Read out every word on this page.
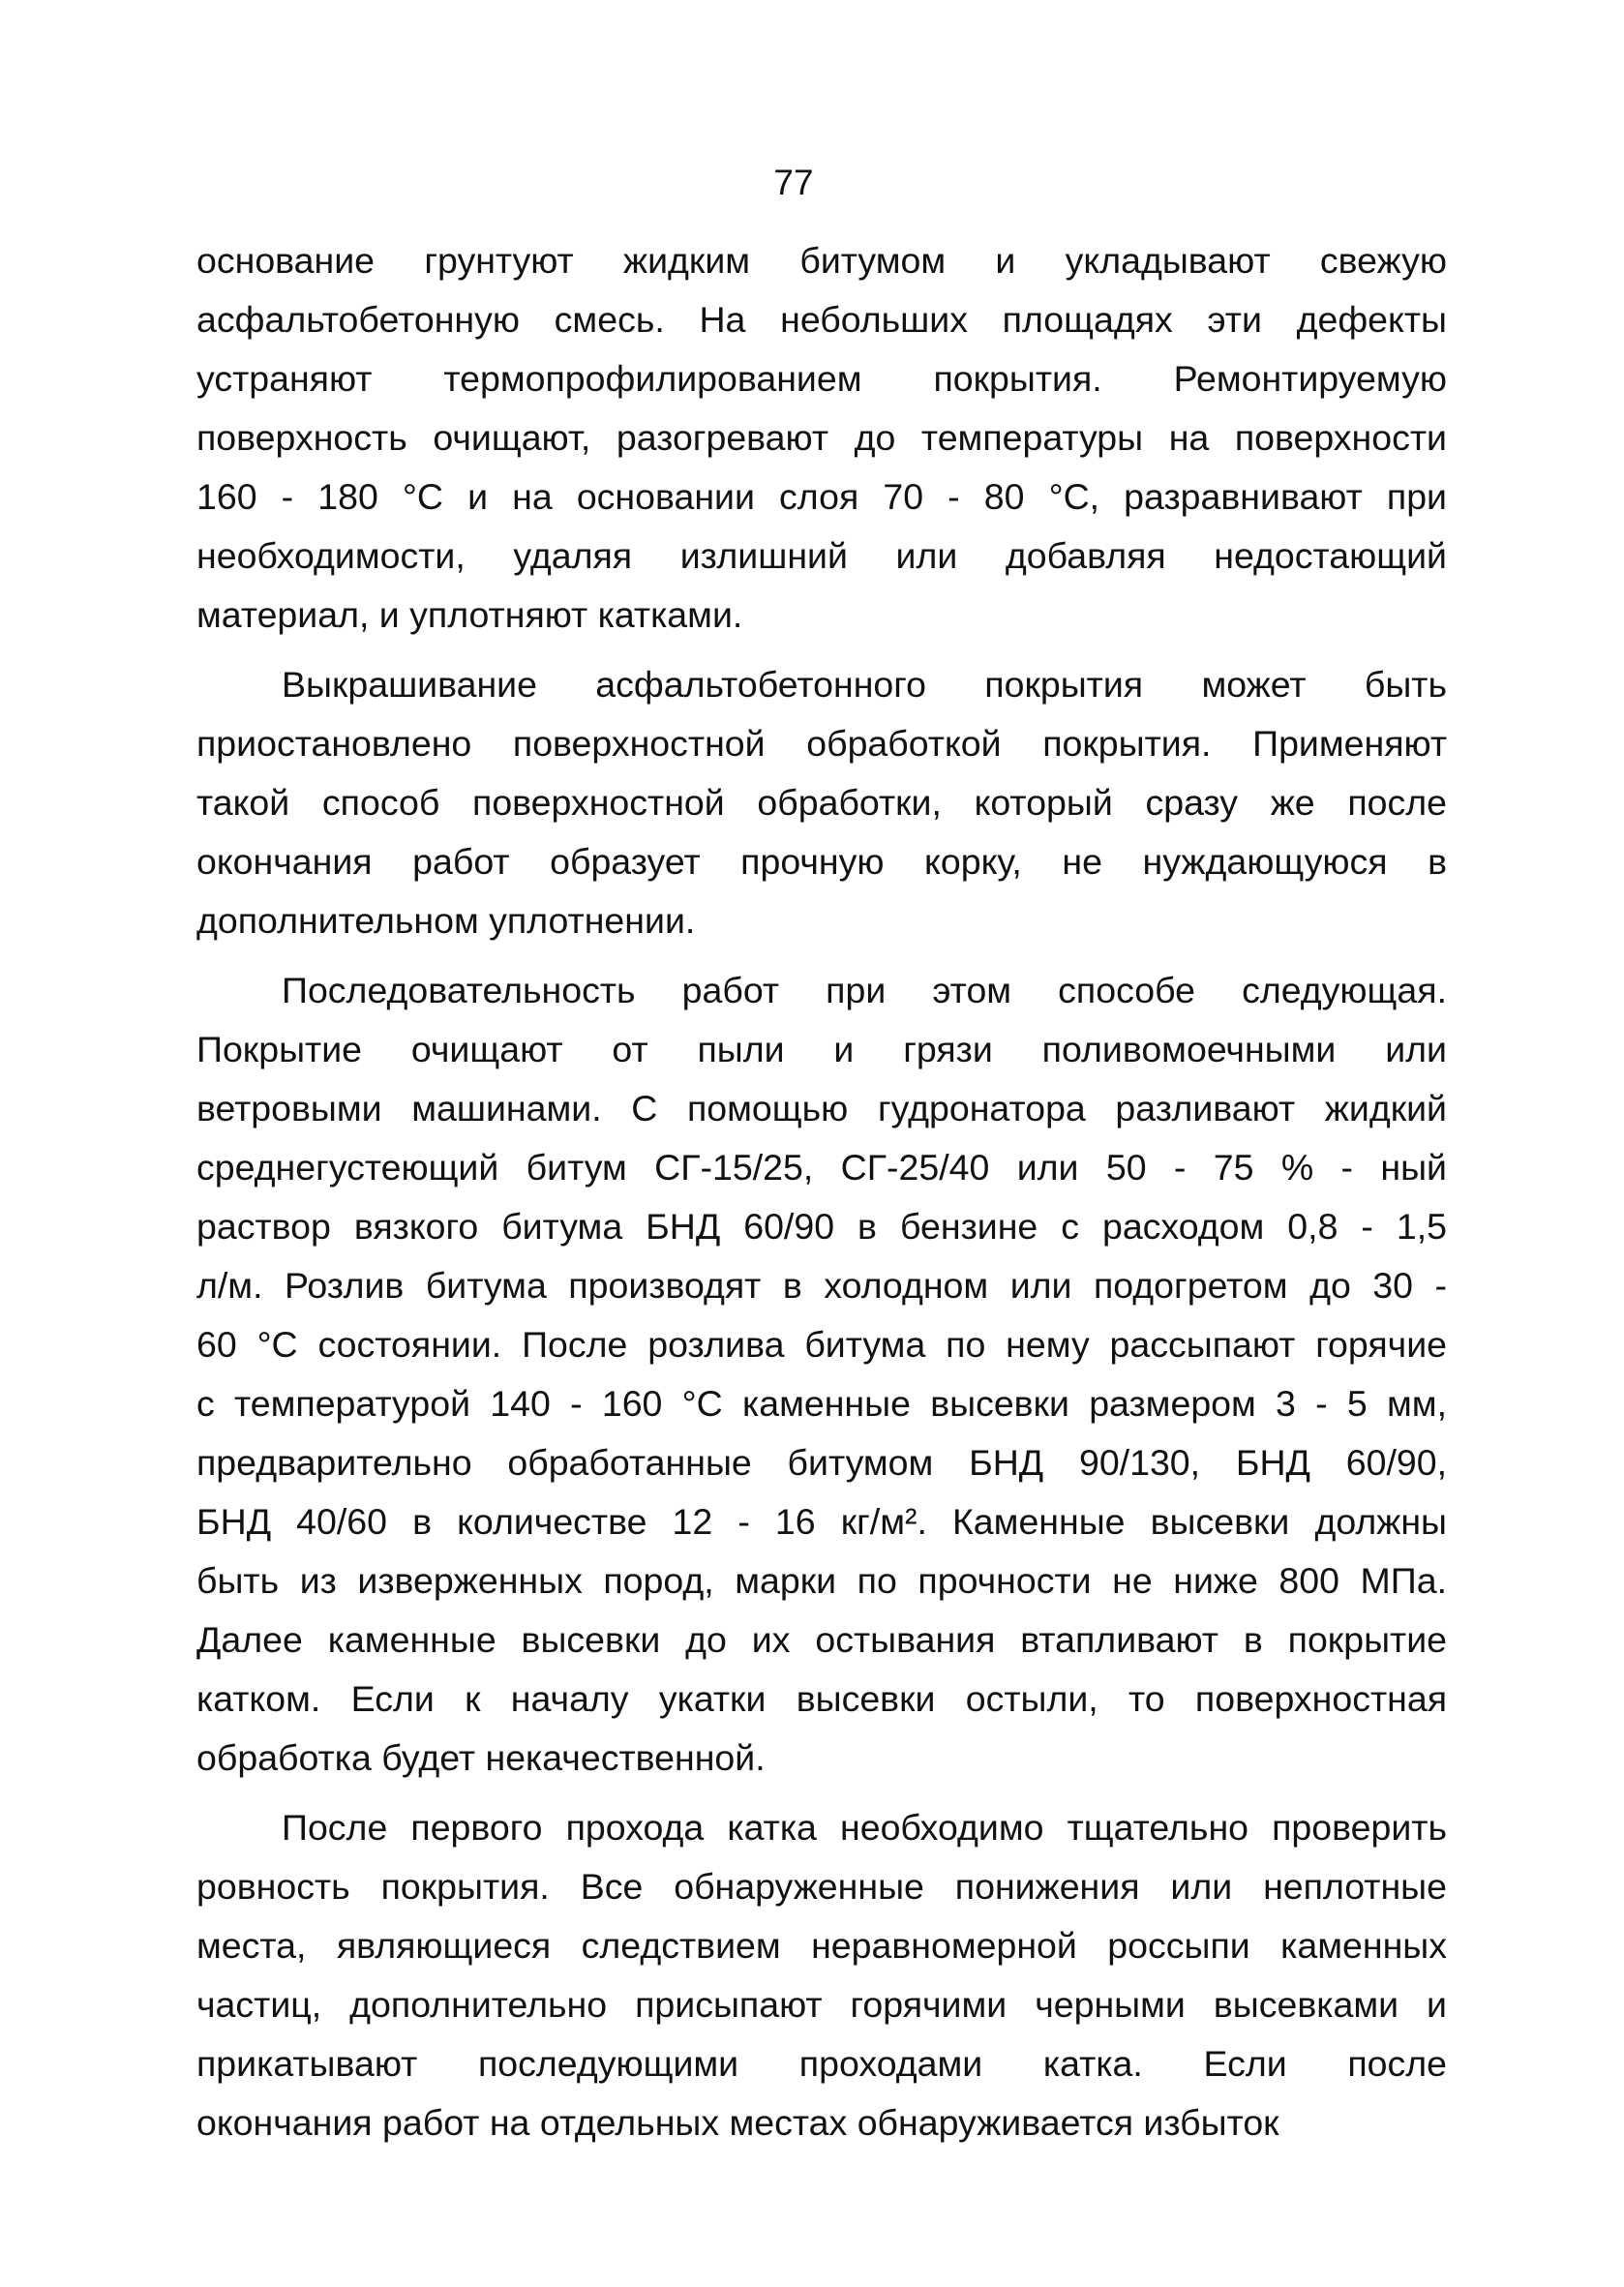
77
основание грунтуют жидким битумом и укладывают свежую
асфальтобетонную смесь. На небольших площадях эти дефекты
устраняют термопрофилированием покрытия. Ремонтируемую
поверхность очищают, разогревают до температуры на поверхности
160 - 180 °C и на основании слоя 70 - 80 °C, разравнивают при
необходимости, удаляя излишний или добавляя недостающий
материал, и уплотняют катками.
Выкрашивание асфальтобетонного покрытия может быть
приостановлено поверхностной обработкой покрытия. Применяют
такой способ поверхностной обработки, который сразу же после
окончания работ образует прочную корку, не нуждающуюся в
дополнительном уплотнении.
Последовательность работ при этом способе следующая.
Покрытие очищают от пыли и грязи поливомоечными или
ветровыми машинами. С помощью гудронатора разливают жидкий
среднегустеющий битум СГ-15/25, СГ-25/40 или 50 - 75 % - ный
раствор вязкого битума БНД 60/90 в бензине с расходом 0,8 - 1,5
л/м. Розлив битума производят в холодном или подогретом до 30 -
60 °C состоянии. После розлива битума по нему рассыпают горячие
с температурой 140 - 160 °C каменные высевки размером 3 - 5 мм,
предварительно обработанные битумом БНД 90/130, БНД 60/90,
БНД 40/60 в количестве 12 - 16 кг/м². Каменные высевки должны
быть из изверженных пород, марки по прочности не ниже 800 МПа.
Далее каменные высевки до их остывания втапливают в покрытие
катком. Если к началу укатки высевки остыли, то поверхностная
обработка будет некачественной.
После первого прохода катка необходимо тщательно проверить
ровность покрытия. Все обнаруженные понижения или неплотные
места, являющиеся следствием неравномерной россыпи каменных
частиц, дополнительно присыпают горячими черными высевками и
прикатывают последующими проходами катка. Если после
окончания работ на отдельных местах обнаруживается избыток
